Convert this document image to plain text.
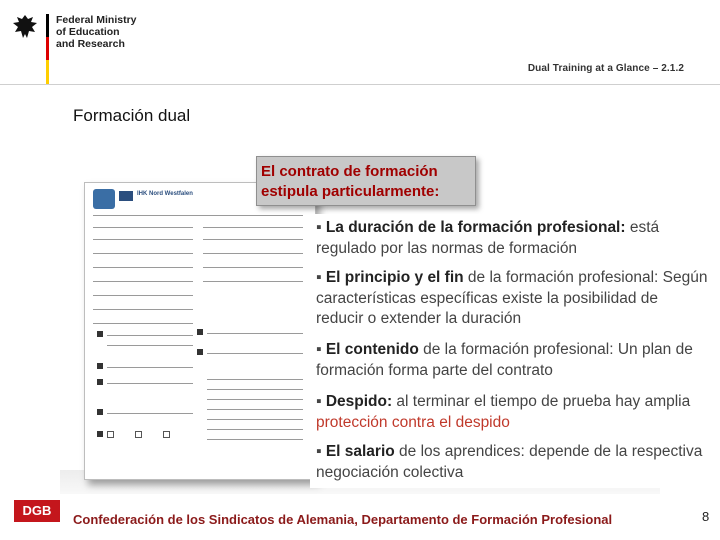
Federal Ministry
of Education
and Research
Dual Training at a Glance – 2.1.2
Formación dual
IHK Nord Westfalen
El contrato de formación
estipula particularmente:
▪ La duración de la formación profesional: está regulado por las normas de formación
▪ El principio y el fin de la formación profesional: Según características específicas existe la posibilidad de reducir o extender la duración
▪ El contenido de la formación profesional: Un plan de formación forma parte del contrato
▪ Despido: al terminar el tiempo de prueba hay amplia protección contra el despido
▪ El salario de los aprendices: depende de la respectiva negociación colectiva
DGB
Confederación de los Sindicatos de Alemania, Departamento de Formación Profesional	8
